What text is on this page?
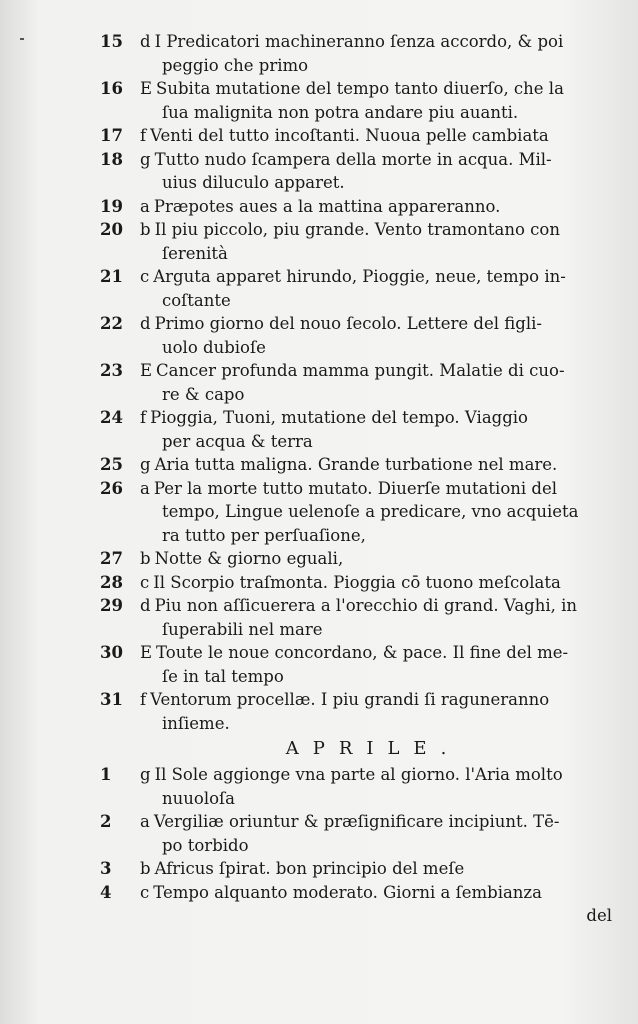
15	d I Predicatori machineranno ſenza accordo, & poi
peggio che primo
16	E Subita mutatione del tempo tanto diuerſo, che la
ſua malignita non potra andare piu auanti.
17	f Venti del tutto incoſtanti. Nuoua pelle cambiata
18	g Tutto nudo ſcampera della morte in acqua. Mil-
uius diluculo apparet.
19	a Præpotes aues a la mattina appareranno.
20	b Il piu piccolo, piu grande. Vento tramontano con
ſerenità
21	c Arguta apparet hirundo, Pioggie, neue, tempo in-
coſtante
22	d Primo giorno del nouo ſecolo. Lettere del figli-
uolo dubioſe
23	E Cancer profunda mamma pungit. Malatie di cuo-
re & capo
24	f Pioggia, Tuoni, mutatione del tempo. Viaggio
per acqua & terra
25	g Aria tutta maligna. Grande turbatione nel mare.
26	a Per la morte tutto mutato. Diuerſe mutationi del
tempo, Lingue uelenoſe a predicare, vno acquieta
ra tutto per perſuaſione,
27	b Notte & giorno eguali,
28	c Il Scorpio traſmonta. Pioggia cō tuono meſcolata
29	d Piu non aſſicuerera a l'orecchio di grand. Vaghi, in
ſuperabili nel mare
30	E Toute le noue concordano, & pace. Il fine del me-
ſe in tal tempo
31	f Ventorum procellæ. I piu grandi ſi raguneranno
inſieme.
APRILE.
1	g Il Sole aggionge vna parte al giorno. l'Aria molto
nuuoloſa
2	a Vergiliæ oriuntur & præſignificare incipiunt. Tē-
po torbido
3	b Africus ſpirat. bon principio del meſe
4	c Tempo alquanto moderato. Giorni a ſembianza
del
